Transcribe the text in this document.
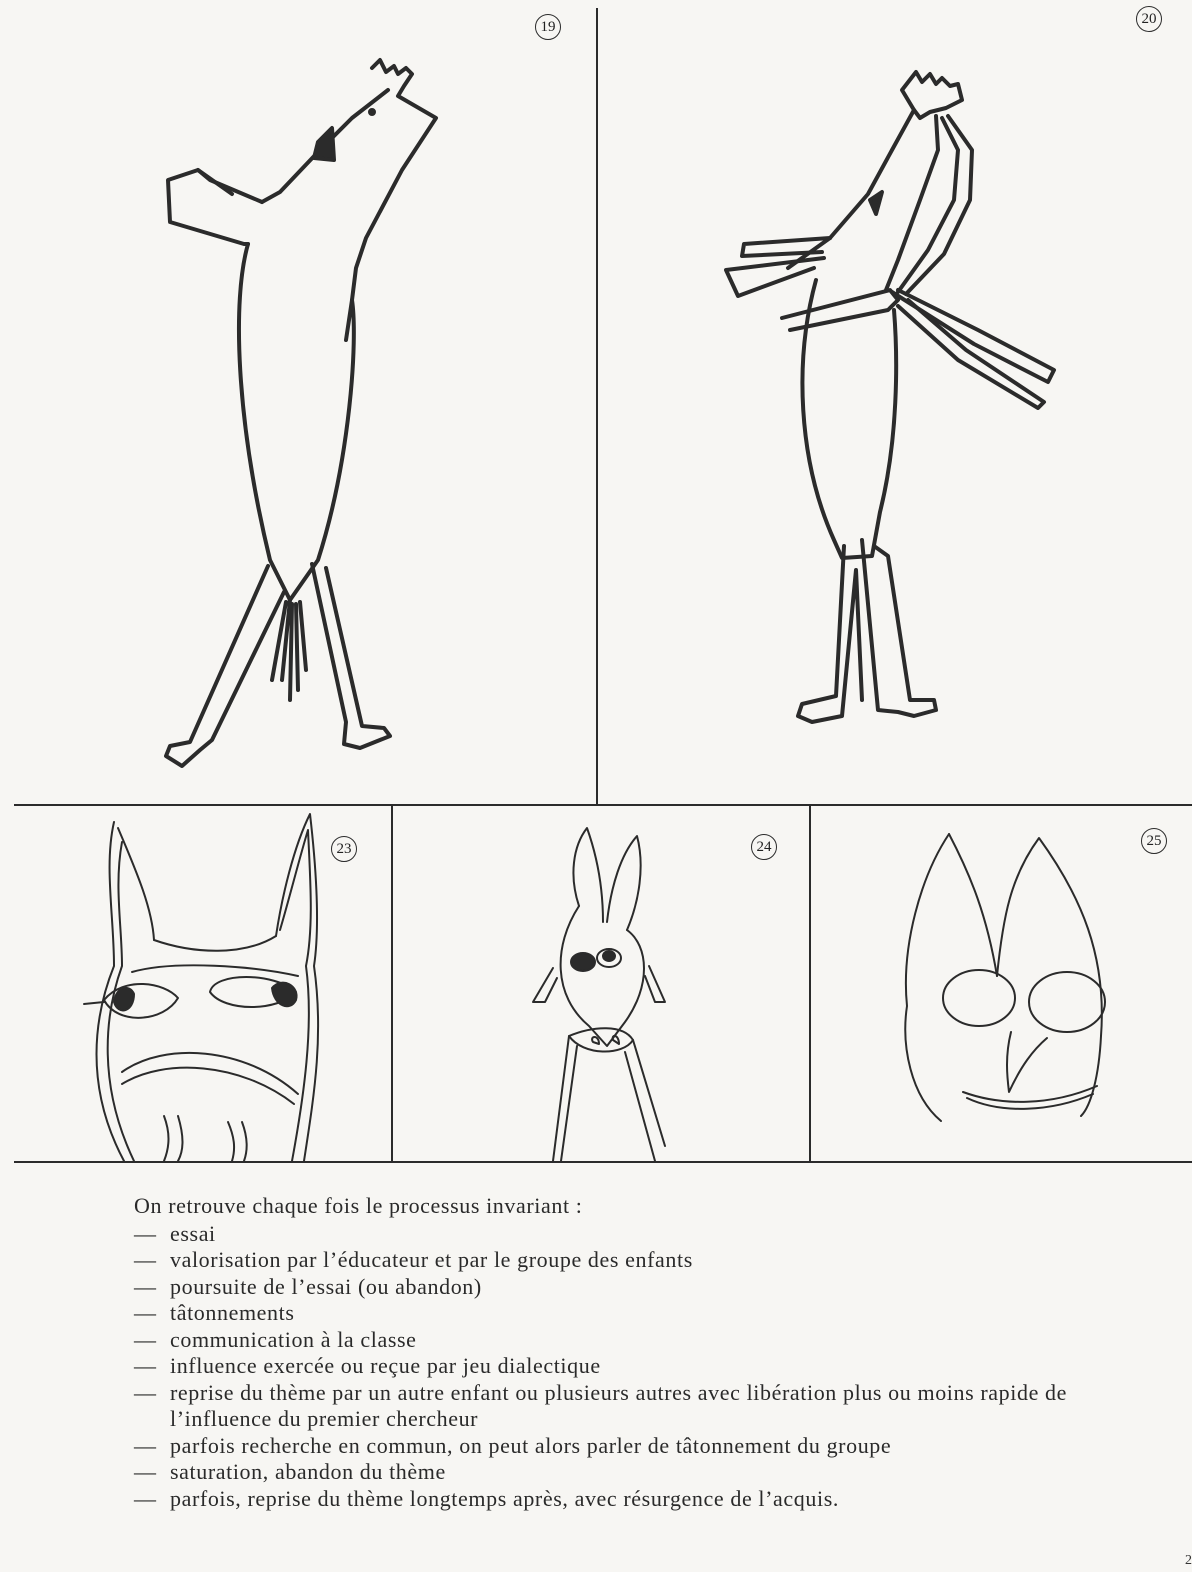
19	20
23	24	25

On retrouve chaque fois le processus invariant :

— essai
— valorisation par l’éducateur et par le groupe des enfants
— poursuite de l’essai (ou abandon)
— tâtonnements
— communication à la classe
— influence exercée ou reçue par jeu dialectique
— reprise du thème par un autre enfant ou plusieurs autres avec libération plus ou moins rapide de l’influence du premier chercheur
— parfois recherche en commun, on peut alors parler de tâtonnement du groupe
— saturation, abandon du thème
— parfois, reprise du thème longtemps après, avec résurgence de l’acquis.
2
